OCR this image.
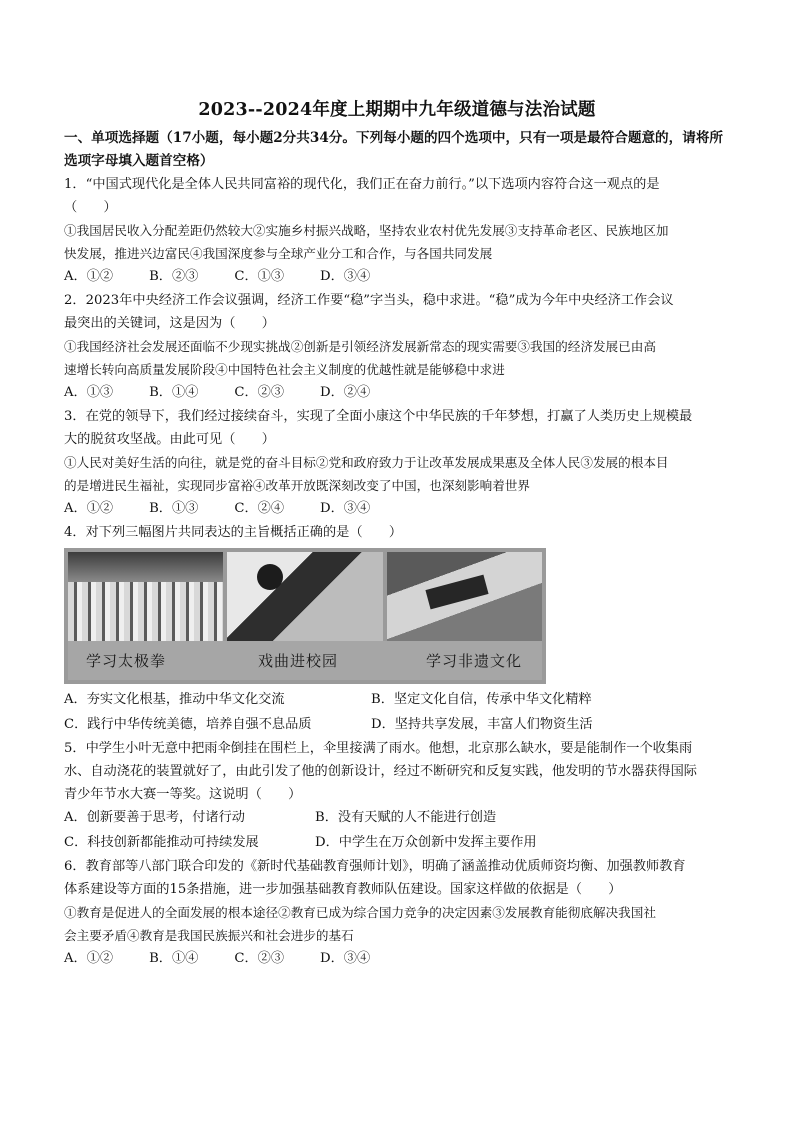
2023--2024年度上期期中九年级道德与法治试题
一、单项选择题（17小题，每小题2分共34分。下列每小题的四个选项中，只有一项是最符合题意的，请将所选项字母填入题首空格）
1．“中国式现代化是全体人民共同富裕的现代化，我们正在奋力前行。”以下选项内容符合这一观点的是
（　　）
①我国居民收入分配差距仍然较大②实施乡村振兴战略，坚持农业农村优先发展③支持革命老区、民族地区加
快发展，推进兴边富民④我国深度参与全球产业分工和合作，与各国共同发展
A．①②	B．②③	C．①③	D．③④
2．2023年中央经济工作会议强调，经济工作要“稳”字当头，稳中求进。“稳”成为今年中央经济工作会议
最突出的关键词，这是因为（　　）
①我国经济社会发展还面临不少现实挑战②创新是引领经济发展新常态的现实需要③我国的经济发展已由高
速增长转向高质量发展阶段④中国特色社会主义制度的优越性就是能够稳中求进
A．①③	B．①④	C．②③	D．②④
3．在党的领导下，我们经过接续奋斗，实现了全面小康这个中华民族的千年梦想，打赢了人类历史上规模最
大的脱贫攻坚战。由此可见（　　）
①人民对美好生活的向往，就是党的奋斗目标②党和政府致力于让改革发展成果惠及全体人民③发展的根本目
的是增进民生福祉，实现同步富裕④改革开放既深刻改变了中国，也深刻影响着世界
A．①②	B．①③	C．②④	D．③④
4．对下列三幅图片共同表达的主旨概括正确的是（　　）
学习太极拳	戏曲进校园	学习非遗文化
A．夯实文化根基，推动中华文化交流	B．坚定文化自信，传承中华文化精粹
C．践行中华传统美德，培养自强不息品质	D．坚持共享发展，丰富人们物资生活
5．中学生小叶无意中把雨伞倒挂在围栏上，伞里接满了雨水。他想，北京那么缺水，要是能制作一个收集雨
水、自动浇花的装置就好了，由此引发了他的创新设计，经过不断研究和反复实践，他发明的节水器获得国际
青少年节水大赛一等奖。这说明（　　）
A．创新要善于思考，付诸行动	B．没有天赋的人不能进行创造
C．科技创新都能推动可持续发展	D．中学生在万众创新中发挥主要作用
6．教育部等八部门联合印发的《新时代基础教育强师计划》，明确了涵盖推动优质师资均衡、加强教师教育
体系建设等方面的15条措施，进一步加强基础教育教师队伍建设。国家这样做的依据是（　　）
①教育是促进人的全面发展的根本途径②教育已成为综合国力竞争的决定因素③发展教育能彻底解决我国社
会主要矛盾④教育是我国民族振兴和社会进步的基石
A．①②	B．①④	C．②③	D．③④
